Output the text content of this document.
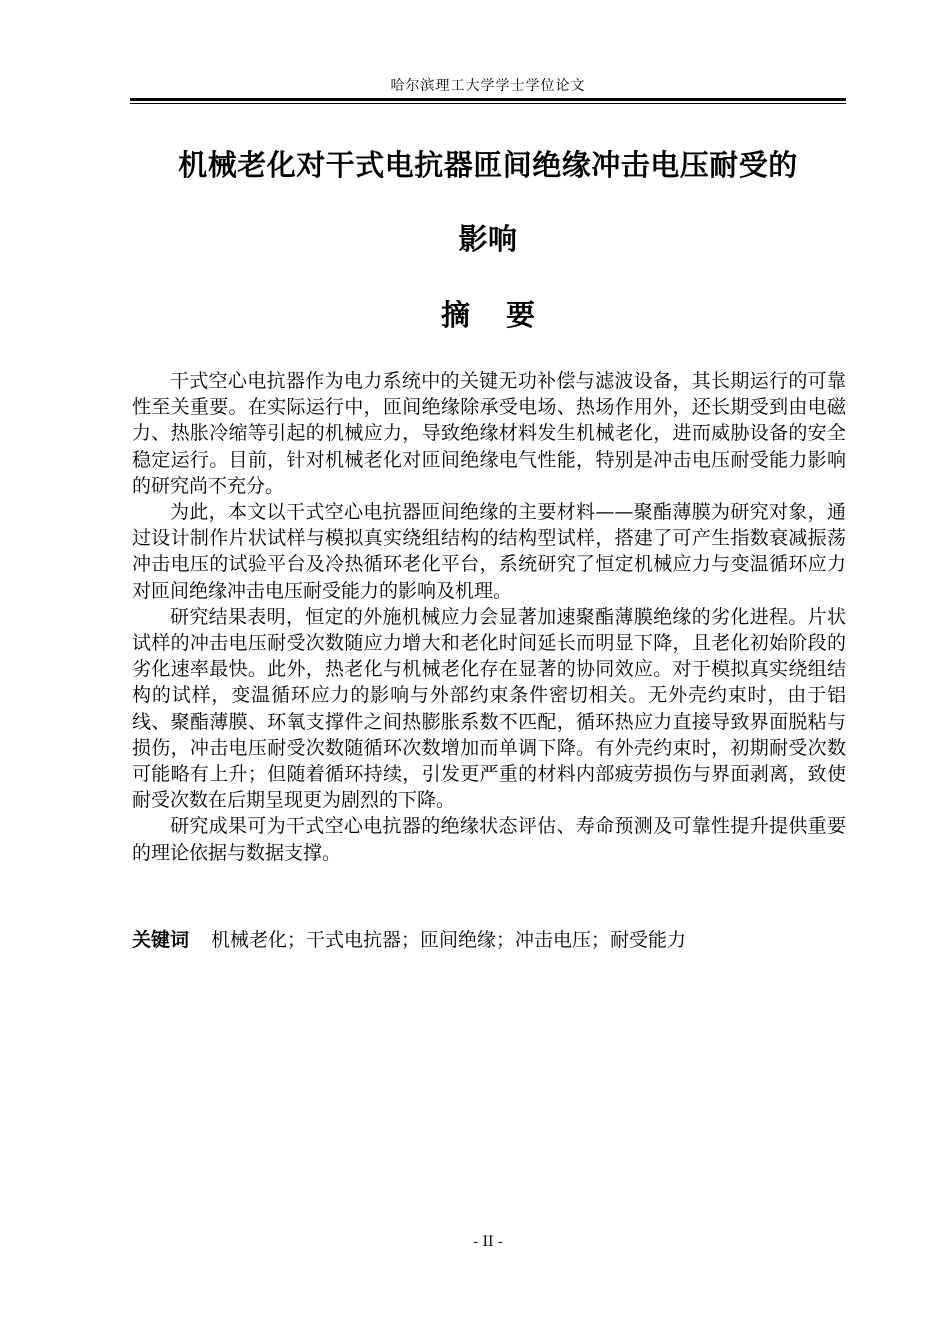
哈尔滨理工大学学士学位论文
机械老化对干式电抗器匝间绝缘冲击电压耐受的
影响
摘 要

干式空心电抗器作为电力系统中的关键无功补偿与滤波设备，其长期运行的可靠性至关重要。在实际运行中，匝间绝缘除承受电场、热场作用外，还长期受到由电磁力、热胀冷缩等引起的机械应力，导致绝缘材料发生机械老化，进而威胁设备的安全稳定运行。目前，针对机械老化对匝间绝缘电气性能，特别是冲击电压耐受能力影响的研究尚不充分。

为此，本文以干式空心电抗器匝间绝缘的主要材料——聚酯薄膜为研究对象，通过设计制作片状试样与模拟真实绕组结构的结构型试样，搭建了可产生指数衰减振荡冲击电压的试验平台及冷热循环老化平台，系统研究了恒定机械应力与变温循环应力对匝间绝缘冲击电压耐受能力的影响及机理。

研究结果表明，恒定的外施机械应力会显著加速聚酯薄膜绝缘的劣化进程。片状试样的冲击电压耐受次数随应力增大和老化时间延长而明显下降，且老化初始阶段的劣化速率最快。此外，热老化与机械老化存在显著的协同效应。对于模拟真实绕组结构的试样，变温循环应力的影响与外部约束条件密切相关。无外壳约束时，由于铝线、聚酯薄膜、环氧支撑件之间热膨胀系数不匹配，循环热应力直接导致界面脱粘与损伤，冲击电压耐受次数随循环次数增加而单调下降。有外壳约束时，初期耐受次数可能略有上升；但随着循环持续，引发更严重的材料内部疲劳损伤与界面剥离，致使耐受次数在后期呈现更为剧烈的下降。

研究成果可为干式空心电抗器的绝缘状态评估、寿命预测及可靠性提升提供重要的理论依据与数据支撑。

关键词 机械老化；干式电抗器；匝间绝缘；冲击电压；耐受能力
- II -
